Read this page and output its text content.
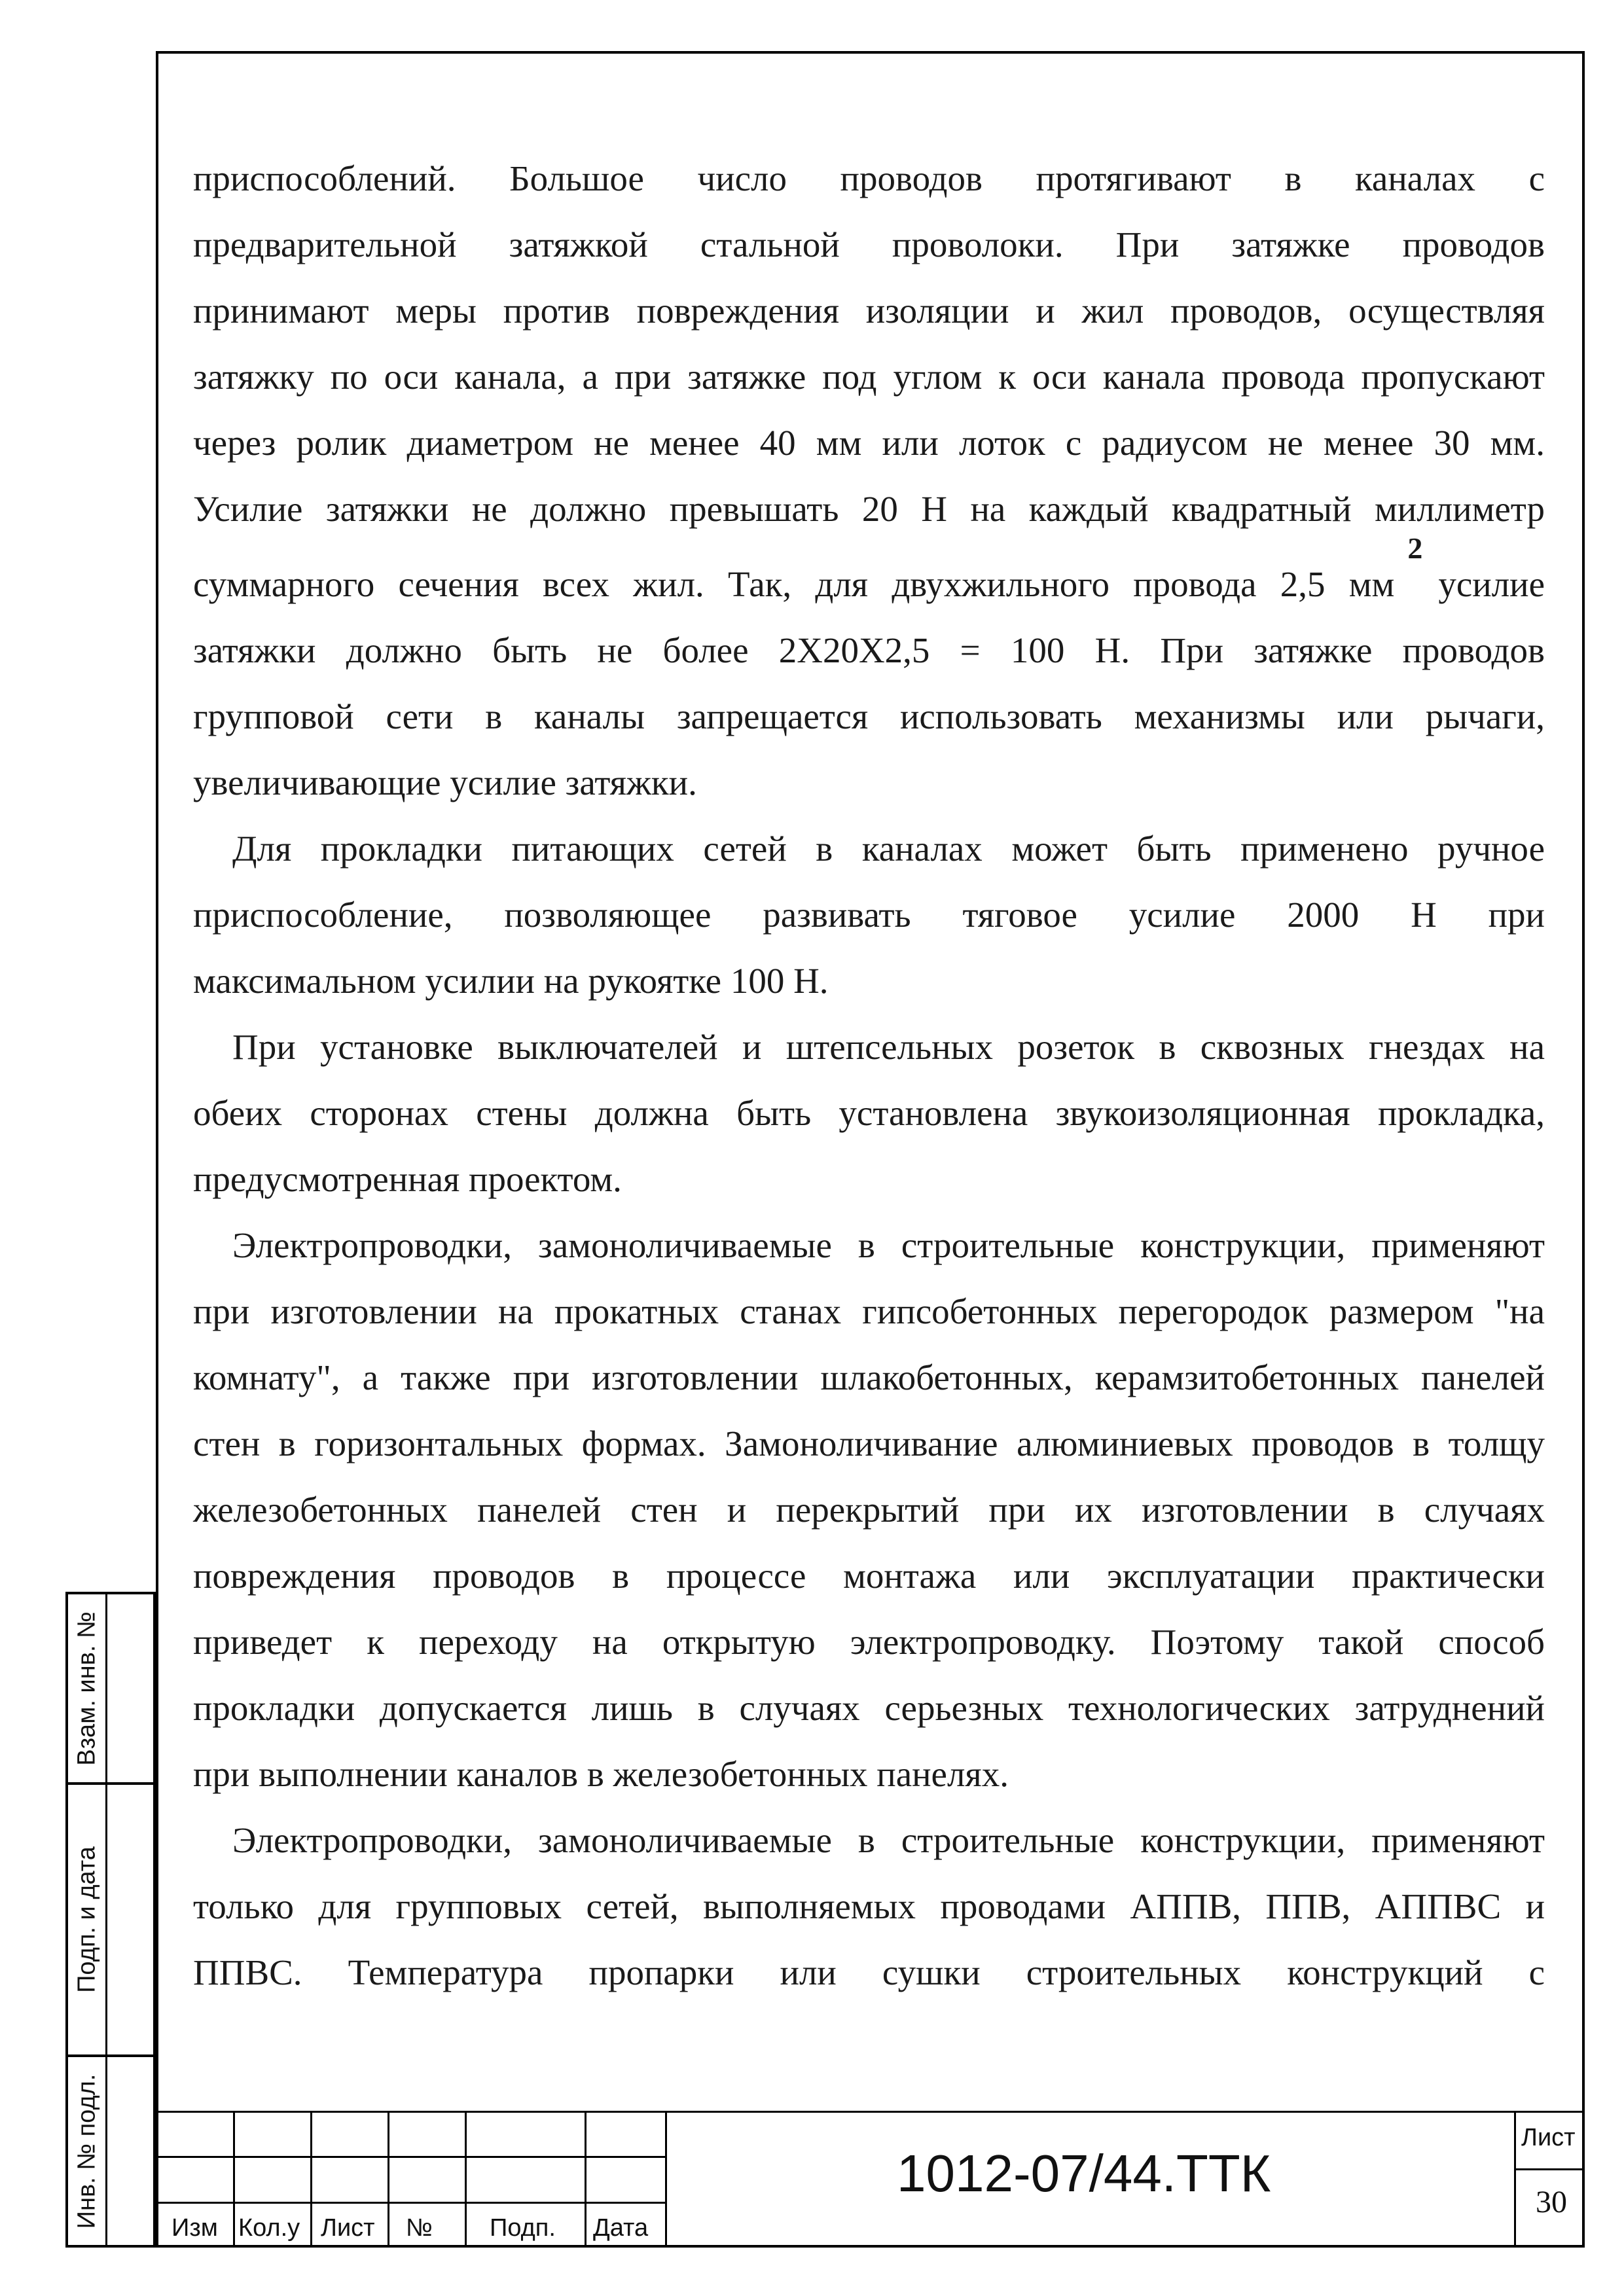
приспособлений. Большое число проводов протягивают в каналах с

предварительной затяжкой стальной проволоки. При затяжке проводов

принимают меры против повреждения изоляции и жил проводов, осуществляя

затяжку по оси канала, а при затяжке под углом к оси канала провода пропускают

через ролик диаметром не менее 40 мм или лоток с радиусом не менее 30 мм.

Усилие затяжки не должно превышать 20 Н на каждый квадратный миллиметр

суммарного сечения всех жил. Так, для двухжильного провода 2,5 мм2усилие

затяжки должно быть не более 2Х20Х2,5 = 100 Н. При затяжке проводов

групповой сети в каналы запрещается использовать механизмы или рычаги,

увеличивающие усилие затяжки.

Для прокладки питающих сетей в каналах может быть применено ручное

приспособление, позволяющее развивать тяговое усилие 2000 Н при

максимальном усилии на рукоятке 100 Н.

При установке выключателей и штепсельных розеток в сквозных гнездах на

обеих сторонах стены должна быть установлена звукоизоляционная прокладка,

предусмотренная проектом.

Электропроводки, замоноличиваемые в строительные конструкции, применяют

при изготовлении на прокатных станах гипсобетонных перегородок размером "на

комнату", а также при изготовлении шлакобетонных, керамзитобетонных панелей

стен в горизонтальных формах. Замоноличивание алюминиевых проводов в толщу

железобетонных панелей стен и перекрытий при их изготовлении в случаях

повреждения проводов в процессе монтажа или эксплуатации практически

приведет к переходу на открытую электропроводку. Поэтому такой способ

прокладки допускается лишь в случаях серьезных технологических затруднений

при выполнении каналов в железобетонных панелях.

Электропроводки, замоноличиваемые в строительные конструкции, применяют

только для групповых сетей, выполняемых проводами АППВ, ППВ, АППВС и

ППВС. Температура пропарки или сушки строительных конструкций с

Взам. инв. №
Подп. и дата
Инв. № подл.	Изм Кол.у Лист № Подп. Дата
1012-07/44.ТТК
Лист
30
